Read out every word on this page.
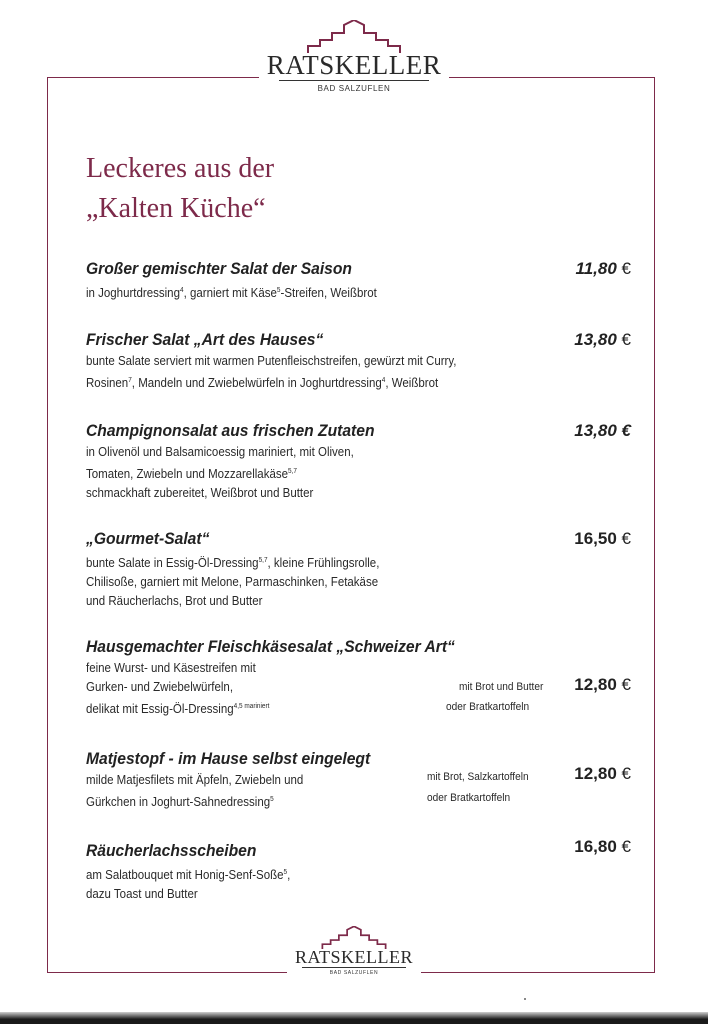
RATSKELLER
BAD SALZUFLEN
RATSKELLER
BAD SALZUFLEN
Leckeres aus der
„Kalten Küche“
Großer gemischter Salat der Saison
in Joghurtdressing$^4$, garniert mit Käse$^5$-Streifen, Weißbrot
11,80 €
Frischer Salat „Art des Hauses“
bunte Salate serviert mit warmen Putenfleischstreifen, gewürzt mit Curry,
Rosinen$^7$, Mandeln und Zwiebelwürfeln in Joghurtdressing$^4$, Weißbrot
13,80 €
Champignonsalat aus frischen Zutaten
in Olivenöl und Balsamicoessig mariniert, mit Oliven,
Tomaten, Zwiebeln und Mozzarellakäse$^{5,7}$
schmackhaft zubereitet, Weißbrot und Butter
13,80 €
„Gourmet-Salat“
bunte Salate in Essig-Öl-Dressing$^{5,7}$, kleine Frühlingsrolle,
Chilisoße, garniert mit Melone, Parmaschinken, Fetakäse
und Räucherlachs, Brot und Butter
16,50 €
Hausgemachter Fleischkäsesalat „Schweizer Art“
feine Wurst- und Käsestreifen mit
Gurken- und Zwiebelwürfeln,
delikat mit Essig-Öl-Dressing$^{4,5 mariniert}$
mit Brot und Butter
oder Bratkartoffeln
12,80 €
Matjestopf - im Hause selbst eingelegt
milde Matjesfilets mit Äpfeln, Zwiebeln und
Gürkchen in Joghurt-Sahnedressing$^5$
mit Brot, Salzkartoffeln
oder Bratkartoffeln
12,80 €
Räucherlachsscheiben
am Salatbouquet mit Honig-Senf-Soße$^5$,
dazu Toast und Butter
16,80 €
